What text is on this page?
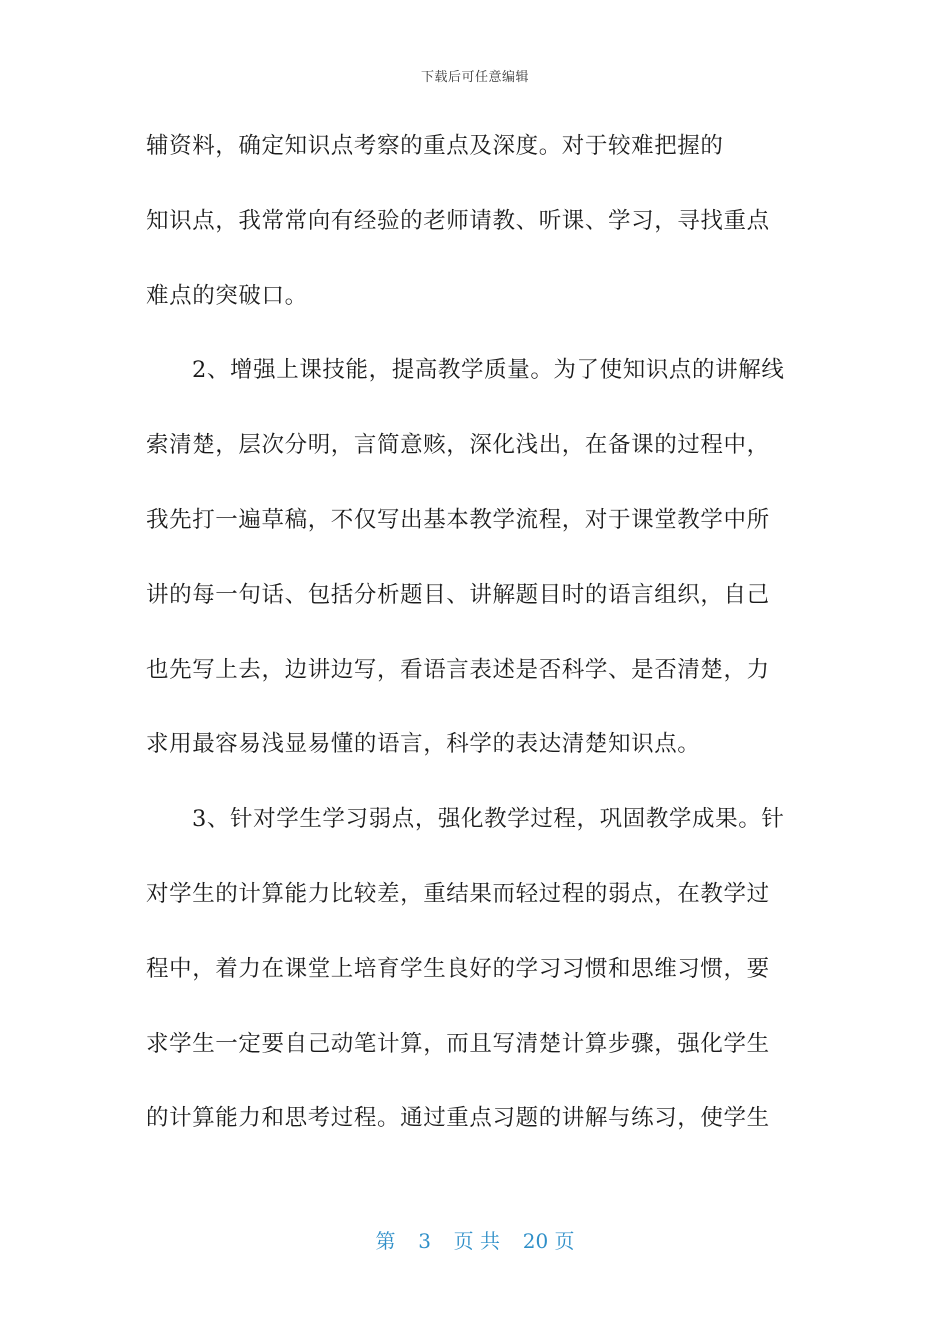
下载后可任意编辑
辅资料，确定知识点考察的重点及深度。对于较难把握的
知识点，我常常向有经验的老师请教、听课、学习，寻找重点
难点的突破口。
2、增强上课技能，提高教学质量。为了使知识点的讲解线
索清楚，层次分明，言简意赅，深化浅出，在备课的过程中，
我先打一遍草稿，不仅写出基本教学流程，对于课堂教学中所
讲的每一句话、包括分析题目、讲解题目时的语言组织，自己
也先写上去，边讲边写，看语言表述是否科学、是否清楚，力
求用最容易浅显易懂的语言，科学的表达清楚知识点。
3、针对学生学习弱点，强化教学过程，巩固教学成果。针
对学生的计算能力比较差，重结果而轻过程的弱点，在教学过
程中，着力在课堂上培育学生良好的学习习惯和思维习惯，要
求学生一定要自己动笔计算，而且写清楚计算步骤，强化学生
的计算能力和思考过程。通过重点习题的讲解与练习，使学生
第 3 页 共 20 页
